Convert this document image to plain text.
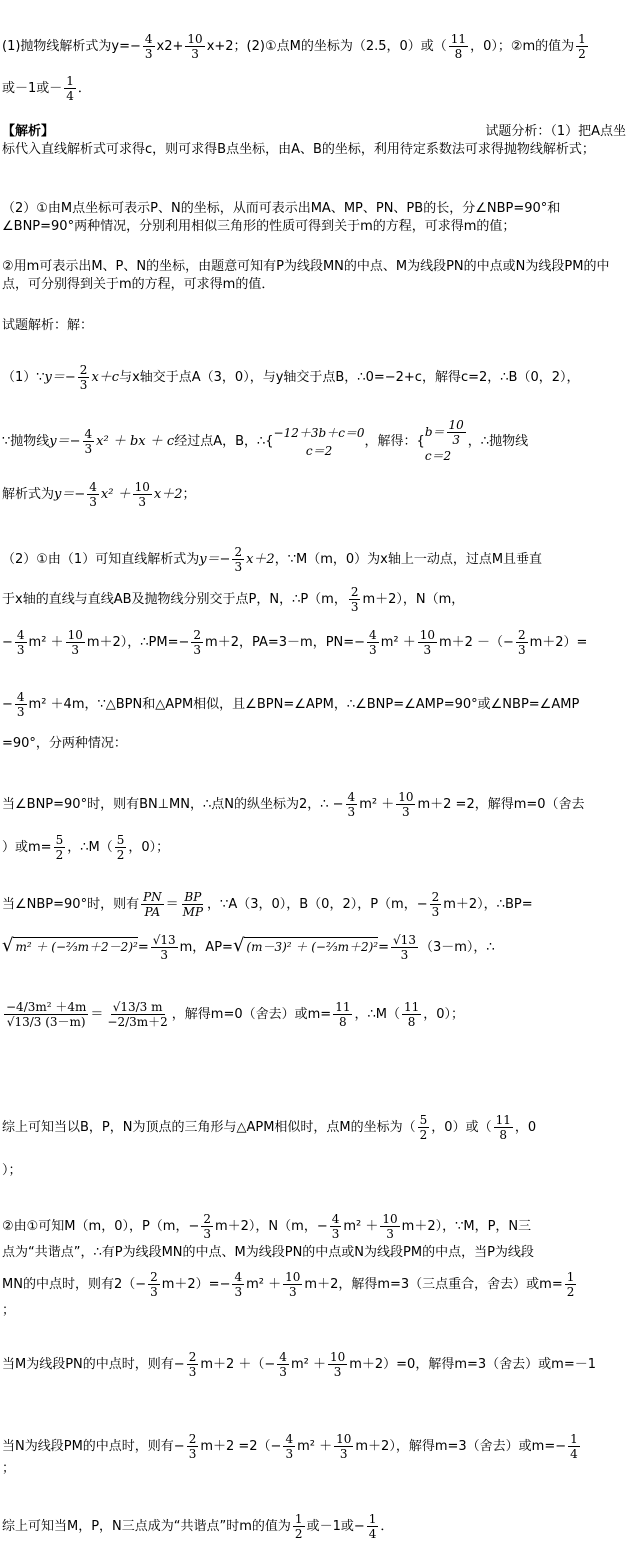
(1)抛物线解析式为$y=- \frac{4}{3} x2+ \frac{10}{3} x+2$；(2)①点M的坐标为（2.5，0）或（ $\frac{11}{8}$ ，0）；②m的值为 $\frac{1}{2}$
或－1或－ $\frac{1}{4}$ ．
【解析】	试题分析：（1）把A点坐
标代入直线解析式可求得c，则可求得B点坐标，由A、B的坐标，利用待定系数法可求得抛物线解析式；
（2）①由M点坐标可表示P、N的坐标，从而可表示出MA、MP、PN、PB的长，分∠NBP=90°和∠BNP=90°两种情况，分别利用相似三角形的性质可得到关于m的方程，可求得m的值；
②用m可表示出M、P、N的坐标，由题意可知有P为线段MN的中点、M为线段PN的中点或N为线段PM的中点，可分别得到关于m的方程，可求得m的值．
试题解析：解：
（1）∵y＝− $\frac{2}{3} x+c$与x轴交于点A（3，0），与y轴交于点B，∴0=−2+c，解得c=2，∴B（0，2），
∵抛物线$y=- \frac{4}{3} x^2$ ＋ bx ＋ c经过点A，B，∴{
−12＋3b＋c＝0
c＝2
，解得：{
$b= \frac{10}{3}$
c＝2
，∴抛物线
解析式为$y=- \frac{4}{3} x^2 + \frac{10}{3} x+2$；
（2）①由（1）可知直线解析式为$y=- \frac{2}{3} x+2$，∵M（m，0）为x轴上一动点，过点M且垂直
于x轴的直线与直线AB及抛物线分别交于点P，N，∴P（m， $\frac{2}{3} m+2$），N（m，
− $\frac{4}{3} m^2 + \frac{10}{3} m+2$），∴PM=− $\frac{2}{3} m+2$，PA=3－m，$PN=- \frac{4}{3} m^2 + \frac{10}{3} m+2$ －（− $\frac{2}{3} m+2)=$
− $\frac{4}{3} m^2 +4m$，∵△BPN和△APM相似，且∠BPN=∠APM，∴∠BNP=∠AMP=90°或∠NBP=∠AMP
=90°，分两种情况：
当∠BNP=90°时，则有BN⊥MN，∴点N的纵坐标为2，∴ − $\frac{4}{3} m^2 + \frac{10}{3} m+2 =2$，解得m=0（舍去
）或$m= \frac{5}{2}$ ，∴M（ $\frac{5}{2}$ ，0）；
当∠NBP=90°时，则有 $\frac{PN}{PA} = \frac{BP}{MP}$ ，∵A（3，0），B（0，2），P（m，− $\frac{2}{3} m+2$），∴BP=
√ m² ＋ (−⅔m＋2－2)²= $\frac{√13}{3}$ m，AP=√ (m－3)² ＋ (−⅔m＋2)²= $\frac{√13}{3} (3-m)$，∴
$\frac{\text{−4/3m² ＋4m}}{√13/3 (3-m)} = \frac{√13/3 m}{-2/3m+2}$ ，解得m=0（舍去）或$m= \frac{11}{8}$ ，∴M（ $\frac{11}{8}$ ，0）；
综上可知当以B，P，N为顶点的三角形与△APM相似时，点M的坐标为（ $\frac{5}{2}$ ，0）或（ $\frac{11}{8}$ ，0
）；
②由①可知M（m，0），P（m，− $\frac{2}{3} m+2$），N（m，− $\frac{4}{3} m^2 + \frac{10}{3} m+2$），∵M，P，N三
点为“共谐点”，∴有P为线段MN的中点、M为线段PN的中点或N为线段PM的中点，当P为线段
MN的中点时，则有$2(- \frac{2}{3} m+2)=- \frac{4}{3} m^2 + \frac{10}{3} m+2$，解得m=3（三点重合，舍去）或$m= \frac{1}{2}$
；
当M为线段PN的中点时，则有− $\frac{2}{3} m+2$ ＋（− $\frac{4}{3} m^2 + \frac{10}{3} m+2)=0$，解得m=3（舍去）或m=－1
当N为线段PM的中点时，则有− $\frac{2}{3} m+2 =2(- \frac{4}{3} m^2 + \frac{10}{3} m+2)$，解得m=3（舍去）或$m=- \frac{1}{4}$
；
综上可知当M，P，N三点成为“共谐点”时m的值为 $\frac{1}{2}$ 或－1或− $\frac{1}{4}$ ．
